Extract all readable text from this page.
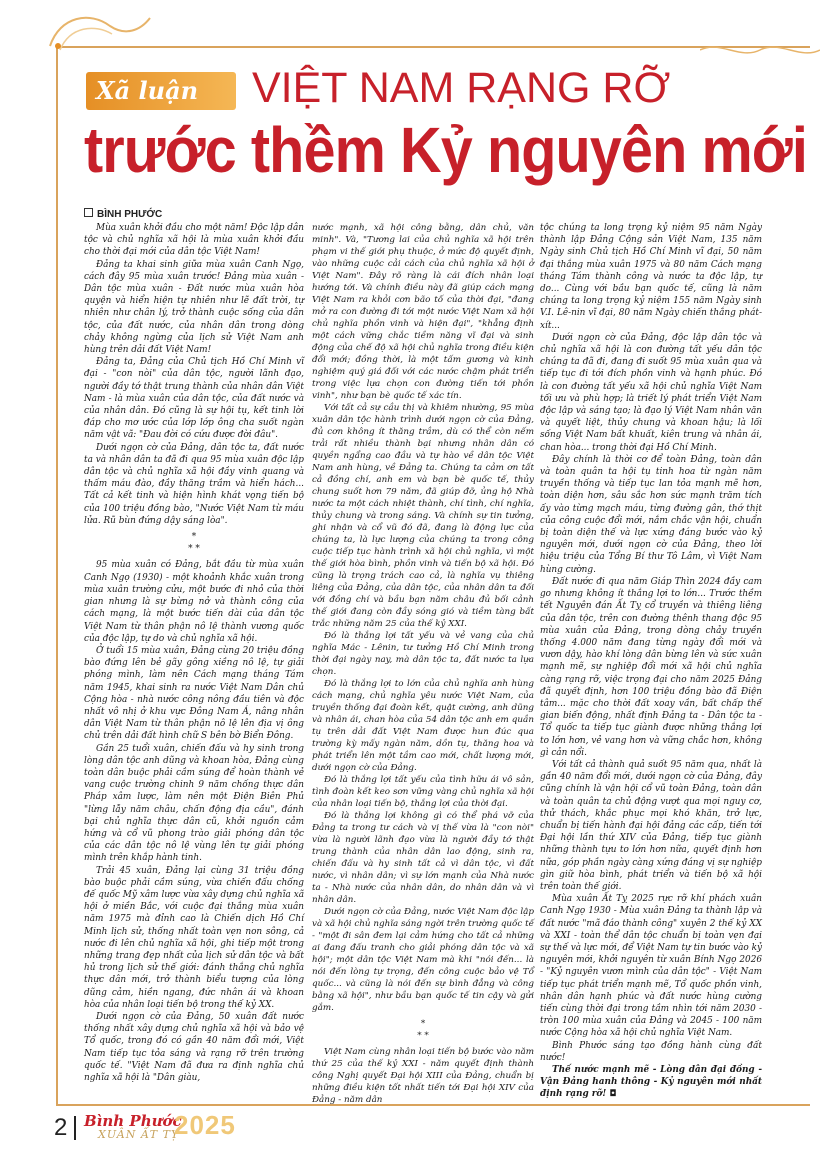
Xã luận	VIỆT NAM RẠNG RỠ
trước thềm Kỷ nguyên mới
BÌNH PHƯỚC

Mùa xuân khởi đầu cho một năm! Độc lập dân tộc và chủ nghĩa xã hội là mùa xuân khởi đầu cho thời đại mới của dân tộc Việt Nam!

Đảng ta khai sinh giữa mùa xuân Canh Ngọ, cách đây 95 mùa xuân trước! Đảng mùa xuân - Dân tộc mùa xuân - Đất nước mùa xuân hòa quyện và hiển hiện tự nhiên như lẽ đất trời, tự nhiên như chân lý, trở thành cuộc sống của dân tộc, của đất nước, của nhân dân trong dòng chảy không ngừng của lịch sử Việt Nam anh hùng trên dải đất Việt Nam!

Đảng ta, Đảng của Chủ tịch Hồ Chí Minh vĩ đại - "con nòi" của dân tộc, người lãnh đạo, người đầy tớ thật trung thành của nhân dân Việt Nam - là mùa xuân của dân tộc, của đất nước và của nhân dân. Đó cũng là sự hội tụ, kết tinh lời đáp cho mơ ước của lớp lớp ông cha suốt ngàn năm vật vã: "Đau đời có cứu được đời đâu".

Dưới ngọn cờ của Đảng, dân tộc ta, đất nước ta và nhân dân ta đã đi qua 95 mùa xuân độc lập dân tộc và chủ nghĩa xã hội đầy vinh quang và thấm máu đào, đầy thăng trầm và hiển hách... Tất cả kết tinh và hiện hình khát vọng tiến bộ của 100 triệu đồng bào, "Nước Việt Nam từ máu lửa. Rũ bùn đứng dậy sáng lòa".

*
* *

95 mùa xuân có Đảng, bắt đầu từ mùa xuân Canh Ngọ (1930) - một khoảnh khắc xuân trong mùa xuân trường cửu, một bước đi nhỏ của thời gian nhưng là sự bừng nở và thành công của cách mạng, là một bước tiến dài của dân tộc Việt Nam từ thân phận nô lệ thành vương quốc của độc lập, tự do và chủ nghĩa xã hội.

Ở tuổi 15 mùa xuân, Đảng cùng 20 triệu đồng bào đứng lên bẻ gãy gông xiềng nô lệ, tự giải phóng mình, làm nên Cách mạng tháng Tám năm 1945, khai sinh ra nước Việt Nam Dân chủ Cộng hòa - nhà nước công nông đầu tiên và độc nhất vô nhị ở khu vực Đông Nam Á, nâng nhân dân Việt Nam từ thân phận nô lệ lên địa vị ông chủ trên dải đất hình chữ S bên bờ Biển Đông.

Gần 25 tuổi xuân, chiến đấu và hy sinh trong lòng dân tộc anh dũng và khoan hòa, Đảng cùng toàn dân buộc phải cầm súng để hoàn thành vẻ vang cuộc trường chinh 9 năm chống thực dân Pháp xâm lược, làm nên một Điện Biên Phủ "lừng lẫy năm châu, chấn động địa cầu", đánh bại chủ nghĩa thực dân cũ, khởi nguồn cảm hứng và cổ vũ phong trào giải phóng dân tộc của các dân tộc nô lệ vùng lên tự giải phóng mình trên khắp hành tinh.

Trải 45 xuân, Đảng lại cùng 31 triệu đồng bào buộc phải cầm súng, vừa chiến đấu chống đế quốc Mỹ xâm lược vừa xây dựng chủ nghĩa xã hội ở miền Bắc, với cuộc đại thắng mùa xuân năm 1975 mà đỉnh cao là Chiến dịch Hồ Chí Minh lịch sử, thống nhất toàn vẹn non sông, cả nước đi lên chủ nghĩa xã hội, ghi tiếp một trong những trang đẹp nhất của lịch sử dân tộc và bất hủ trong lịch sử thế giới: đánh thắng chủ nghĩa thực dân mới, trở thành biểu tượng của lòng dũng cảm, hiền ngang, đức nhân ái và khoan hòa của nhân loại tiến bộ trong thế kỷ XX.

Dưới ngọn cờ của Đảng, 50 xuân đất nước thống nhất xây dựng chủ nghĩa xã hội và bảo vệ Tổ quốc, trong đó có gần 40 năm đổi mới, Việt Nam tiếp tục tỏa sáng và rạng rỡ trên trường quốc tế. "Việt Nam đã đưa ra định nghĩa chủ nghĩa xã hội là "Dân giàu,

nước mạnh, xã hội công bằng, dân chủ, văn minh". Và, "Tương lai của chủ nghĩa xã hội trên phạm vi thế giới phụ thuộc, ở mức độ quyết định, vào những cuộc cải cách của chủ nghĩa xã hội ở Việt Nam". Đây rõ ràng là cái đích nhân loại hướng tới. Và chính điều này đã giúp cách mạng Việt Nam ra khỏi cơn bão tố của thời đại, "đang mở ra con đường đi tới một nước Việt Nam xã hội chủ nghĩa phồn vinh và hiện đại", "khẳng định một cách vững chắc tiềm năng vĩ đại và sinh động của chế độ xã hội chủ nghĩa trong điều kiện đổi mới; đồng thời, là một tấm gương và kinh nghiệm quý giá đối với các nước chậm phát triển trong việc lựa chọn con đường tiến tới phồn vinh", như bạn bè quốc tế xác tín.

Với tất cả sự cầu thị và khiêm nhường, 95 mùa xuân dân tộc hành trình dưới ngọn cờ của Đảng, đủ cơn không ít thăng trầm, dù có thể còn nếm trải rất nhiều thành bại nhưng nhân dân có quyền ngẩng cao đầu và tự hào về dân tộc Việt Nam anh hùng, về Đảng ta. Chúng ta cảm ơn tất cả đồng chí, anh em và bạn bè quốc tế, thủy chung suốt hơn 79 năm, đã giúp đỡ, ủng hộ Nhà nước ta một cách nhiệt thành, chí tình, chí nghĩa, thủy chung và trong sáng. Và chính sự tin tưởng, ghi nhận và cổ vũ đó đã, đang là động lực của chúng ta, là lực lượng của chúng ta trong công cuộc tiếp tục hành trình xã hội chủ nghĩa, vì một thế giới hòa bình, phồn vinh và tiến bộ xã hội. Đó cũng là trọng trách cao cả, là nghĩa vụ thiêng liêng của Đảng, của dân tộc, của nhân dân ta đối với đồng chí và bầu bạn năm châu đủ bối cảnh thế giới đang còn đầy sóng gió và tiềm tàng bất trắc những năm 25 của thế kỷ XXI.

Đó là thắng lợi tất yếu và vẻ vang của chủ nghĩa Mác - Lênin, tư tưởng Hồ Chí Minh trong thời đại ngày nay, mà dân tộc ta, đất nước ta lựa chọn.

Đó là thắng lợi to lớn của chủ nghĩa anh hùng cách mạng, chủ nghĩa yêu nước Việt Nam, của truyền thống đại đoàn kết, quật cường, anh dũng và nhân ái, chan hòa của 54 dân tộc anh em quần tụ trên dải đất Việt Nam được hun đúc qua trường kỳ mấy ngàn năm, dồn tụ, thăng hoa và phát triển lên một tầm cao mới, chất lượng mới, dưới ngọn cờ của Đảng.

Đó là thắng lợi tất yếu của tình hữu ái vô sản, tình đoàn kết keo sơn vững vàng chủ nghĩa xã hội của nhân loại tiến bộ, thắng lợi của thời đại.

Đó là thắng lợi không gì có thể phá vỡ của Đảng ta trong tư cách và vị thế vừa là "con nòi" vừa là người lãnh đạo vừa là người đầy tớ thật trung thành của nhân dân lao động, sinh ra, chiến đấu và hy sinh tất cả vì dân tộc, vì đất nước, vì nhân dân; vì sự lớn mạnh của Nhà nước ta - Nhà nước của nhân dân, do nhân dân và vì nhân dân.

Dưới ngọn cờ của Đảng, nước Việt Nam độc lập và xã hội chủ nghĩa sáng ngời trên trường quốc tế - "một đi sân đem lại cảm hứng cho tất cả những ai đang đấu tranh cho giải phóng dân tộc và xã hội"; một dân tộc Việt Nam mà khi "nói đến... là nói đến lòng tự trọng, đến công cuộc bảo vệ Tổ quốc... và cũng là nói đến sự bình đẳng và công bằng xã hội", như bầu bạn quốc tế tin cậy và gửi gắm.

*
* *

Việt Nam cùng nhân loại tiến bộ bước vào năm thứ 25 của thế kỷ XXI - năm quyết định thành công Nghị quyết Đại hội XIII của Đảng, chuẩn bị những điều kiện tốt nhất tiến tới Đại hội XIV của Đảng - năm dân

tộc chúng ta long trọng kỷ niệm 95 năm Ngày thành lập Đảng Cộng sản Việt Nam, 135 năm Ngày sinh Chủ tịch Hồ Chí Minh vĩ đại, 50 năm đại thắng mùa xuân 1975 và 80 năm Cách mạng tháng Tám thành công và nước ta độc lập, tự do... Cùng với bầu bạn quốc tế, cũng là năm chúng ta long trọng kỷ niệm 155 năm Ngày sinh V.I. Lê-nin vĩ đại, 80 năm Ngày chiến thắng phát-xít...

Dưới ngọn cờ của Đảng, độc lập dân tộc và chủ nghĩa xã hội là con đường tất yếu dân tộc chúng ta đã đi, đang đi suốt 95 mùa xuân qua và tiếp tục đi tới đích phồn vinh và hạnh phúc. Đó là con đường tất yếu xã hội chủ nghĩa Việt Nam tối ưu và phù hợp; là triết lý phát triển Việt Nam độc lập và sáng tạo; là đạo lý Việt Nam nhân văn và quyết liệt, thủy chung và khoan hậu; là lối sống Việt Nam bất khuất, kiên trung và nhân ái, chan hòa... trong thời đại Hồ Chí Minh.

Đây chính là thời cơ để toàn Đảng, toàn dân và toàn quân ta hội tụ tinh hoa từ ngàn năm truyền thống và tiếp tục lan tỏa mạnh mẽ hơn, toàn diện hơn, sâu sắc hơn sức mạnh trăm tích ấy vào từng mạch máu, từng đường gân, thớ thịt của công cuộc đổi mới, nắm chắc vận hội, chuẩn bị toàn diện thế và lực xứng đáng bước vào kỷ nguyên mới, dưới ngọn cờ của Đảng, theo lời hiệu triệu của Tổng Bí thư Tô Lâm, vì Việt Nam hùng cường.

Đất nước đi qua năm Giáp Thìn 2024 đầy cam go nhưng không ít thắng lợi to lớn... Trước thềm tết Nguyên đán Ất Tỵ cổ truyền và thiêng liêng của dân tộc, trên con đường thênh thang độc 95 mùa xuân của Đảng, trong dòng chảy truyền thống 4.000 năm đang từng ngày đổi mới và vươn dậy, hào khí lòng dân bừng lên và sức xuân mạnh mẽ, sự nghiệp đổi mới xã hội chủ nghĩa càng rạng rỡ, việc trọng đại cho năm 2025 Đảng đã quyết định, hơn 100 triệu đồng bào đã Điện tâm... mặc cho thời đất xoay vần, bất chấp thế gian biến động, nhất định Đảng ta - Dân tộc ta - Tổ quốc ta tiếp tục giành được những thắng lợi to lớn hơn, vẻ vang hơn và vững chắc hơn, không gì cản nổi.

Với tất cả thành quả suốt 95 năm qua, nhất là gần 40 năm đổi mới, dưới ngọn cờ của Đảng, đây cũng chính là vận hội cổ vũ toàn Đảng, toàn dân và toàn quân ta chủ động vượt qua mọi nguy cơ, thử thách, khắc phục mọi khó khăn, trở lực, chuẩn bị tiến hành đại hội đảng các cấp, tiến tới Đại hội lần thứ XIV của Đảng, tiếp tục giành những thành tựu to lớn hơn nữa, quyết định hơn nữa, góp phần ngày càng xứng đáng vị sự nghiệp gìn giữ hòa bình, phát triển và tiến bộ xã hội trên toàn thế giới.

Mùa xuân Ất Tỵ 2025 rực rỡ khí phách xuân Canh Ngọ 1930 - Mùa xuân Đảng ta thành lập và đất nước "mã đáo thành công" xuyên 2 thế kỷ XX và XXI - toàn thể dân tộc chuẩn bị toàn vẹn đại sự thế và lực mới, để Việt Nam tự tin bước vào kỷ nguyên mới, khởi nguyên từ xuân Bính Ngọ 2026 - "Kỷ nguyên vươn mình của dân tộc" - Việt Nam tiếp tục phát triển mạnh mẽ, Tổ quốc phồn vinh, nhân dân hạnh phúc và đất nước hùng cường tiến cùng thời đại trong tầm nhìn tới năm 2030 - tròn 100 mùa xuân của Đảng và 2045 - 100 năm nước Cộng hòa xã hội chủ nghĩa Việt Nam.

Bình Phước sáng tạo đồng hành cùng đất nước!

Thế nước mạnh mẽ - Lòng dân đại đồng - Vận Đảng hanh thông - Kỷ nguyên mới nhất định rạng rỡ! ◘

2 Bình Phước
XUÂN ẤT TỴ
2025
